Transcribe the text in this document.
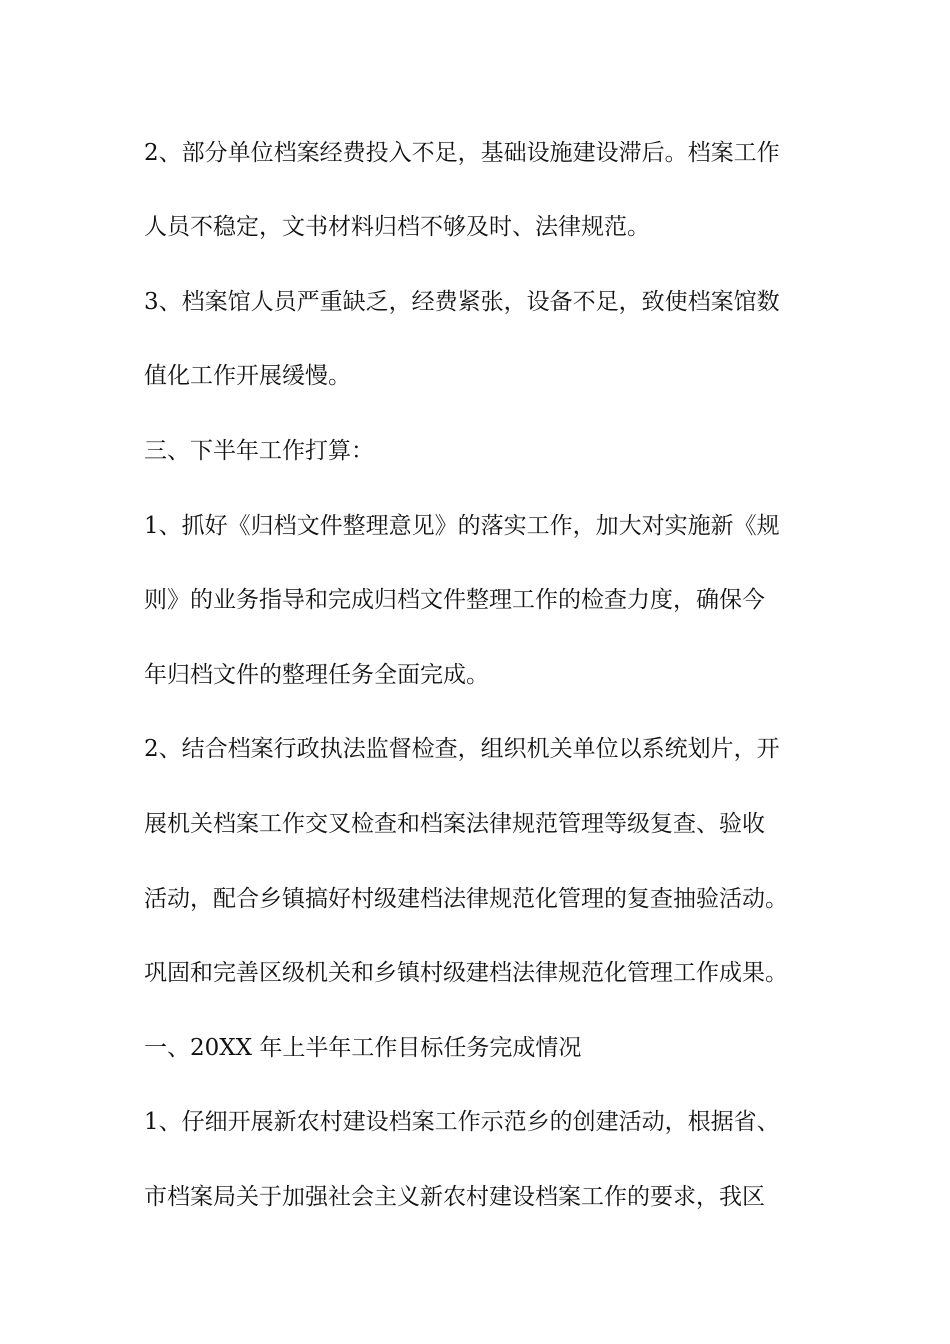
2、部分单位档案经费投入不足，基础设施建设滞后。档案工作

人员不稳定，文书材料归档不够及时、法律规范。

3、档案馆人员严重缺乏，经费紧张，设备不足，致使档案馆数

值化工作开展缓慢。

三、下半年工作打算：

1、抓好《归档文件整理意见》的落实工作，加大对实施新《规

则》的业务指导和完成归档文件整理工作的检查力度，确保今

年归档文件的整理任务全面完成。

2、结合档案行政执法监督检查，组织机关单位以系统划片，开

展机关档案工作交叉检查和档案法律规范管理等级复查、验收

活动，配合乡镇搞好村级建档法律规范化管理的复查抽验活动。

巩固和完善区级机关和乡镇村级建档法律规范化管理工作成果。

一、20XX 年上半年工作目标任务完成情况

1、仔细开展新农村建设档案工作示范乡的创建活动，根据省、

市档案局关于加强社会主义新农村建设档案工作的要求，我区
